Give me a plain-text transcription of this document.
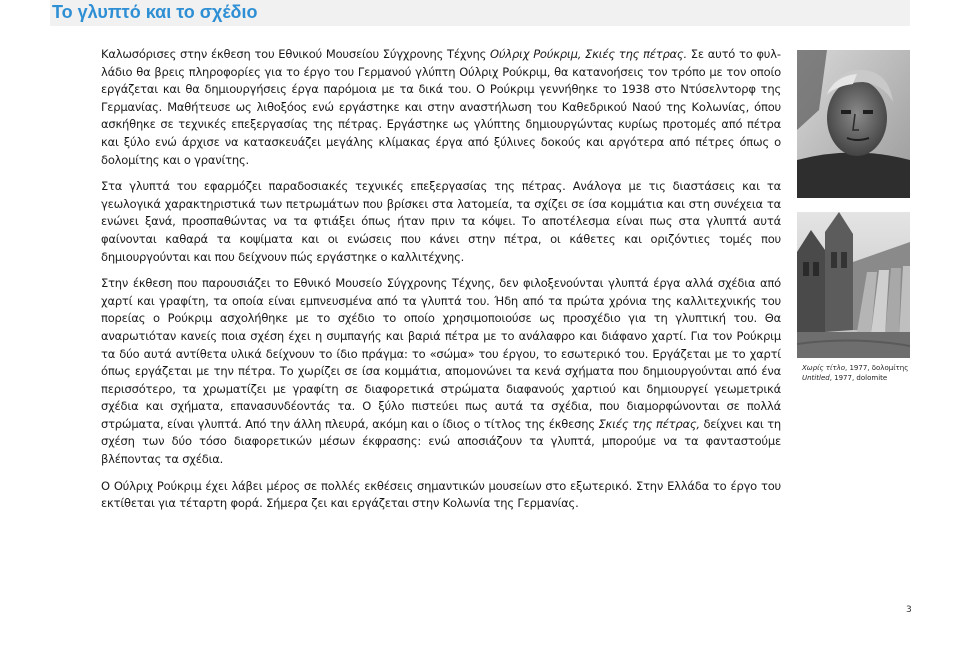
Το γλυπτό και το σχέδιο

Καλωσόρισες στην έκθεση του Εθνικού Μουσείου Σύγχρονης Τέχνης Ούλριχ Ρούκριμ, Σκιές της πέτρας. Σε αυτό το φυλλάδιο θα βρεις πληροφορίες για το έργο του Γερμανού γλύπτη Ούλριχ Ρούκριμ, θα κατανοήσεις τον τρόπο με τον οποίο εργάζεται και θα δημιουργήσεις έργα παρόμοια με τα δικά του. Ο Ρούκριμ γεννήθηκε το 1938 στο Ντύσελντορφ της Γερμανίας. Μαθήτευσε ως λιθοξόος ενώ εργάστηκε και στην αναστήλωση του Καθεδρικού Ναού της Κολωνίας, όπου ασκήθηκε σε τεχνικές επεξεργασίας της πέτρας. Εργάστηκε ως γλύπτης δημιουργώντας κυρίως προτομές από πέτρα και ξύλο ενώ άρχισε να κατασκευάζει μεγάλης κλίμακας έργα από ξύλινες δοκούς και αργότερα από πέτρες όπως ο δολομίτης και ο γρανίτης.

Στα γλυπτά του εφαρμόζει παραδοσιακές τεχνικές επεξεργασίας της πέτρας. Ανάλογα με τις διαστάσεις και τα γεωλογικά χαρακτηριστικά των πετρωμάτων που βρίσκει στα λατομεία, τα σχίζει σε ίσα κομμάτια και στη συνέχεια τα ενώνει ξανά, προσπαθώντας να τα φτιάξει όπως ήταν πριν τα κόψει. Το αποτέλεσμα είναι πως στα γλυπτά αυτά φαίνονται καθαρά τα κοψίματα και οι ενώσεις που κάνει στην πέτρα, οι κάθετες και οριζόντιες τομές που δημιουργούνται και που δείχνουν πώς εργάστηκε ο καλλιτέχνης.

Στην έκθεση που παρουσιάζει το Εθνικό Μουσείο Σύγχρονης Τέχνης, δεν φιλοξενούνται γλυπτά έργα αλλά σχέδια από χαρτί και γραφίτη, τα οποία είναι εμπνευσμένα από τα γλυπτά του. Ήδη από τα πρώτα χρόνια της καλλιτεχνικής του πορείας ο Ρούκριμ ασχολήθηκε με το σχέδιο το οποίο χρησιμοποιούσε ως προσχέδιο για τη γλυπτική του. Θα αναρωτιόταν κανείς ποια σχέση έχει η συμπαγής και βαριά πέτρα με το ανάλαφρο και διάφανο χαρτί. Για τον Ρούκριμ τα δύο αυτά αντίθετα υλικά δείχνουν το ίδιο πράγμα: το «σώμα» του έργου, το εσωτερικό του. Εργάζεται με το χαρτί όπως εργάζεται με την πέτρα. Το χωρίζει σε ίσα κομμάτια, απομονώνει τα κενά σχήματα που δημιουργούνται από ένα περισσότερο, τα χρωματίζει με γραφίτη σε διαφορετικά στρώματα διαφανούς χαρτιού και δημιουργεί γεωμετρικά σχέδια και σχήματα, επανασυνδέοντάς τα. Ο ξύλο πιστεύει πως αυτά τα σχέδια, που διαμορφώνονται σε πολλά στρώματα, είναι γλυπτά. Από την άλλη πλευρά, ακόμη και ο ίδιος ο τίτλος της έκθεσης Σκιές της πέτρας, δείχνει και τη σχέση των δύο τόσο διαφορετικών μέσων έκφρασης: ενώ αποσιάζουν τα γλυπτά, μπορούμε να τα φανταστούμε βλέποντας τα σχέδια.

Ο Ούλριχ Ρούκριμ έχει λάβει μέρος σε πολλές εκθέσεις σημαντικών μουσείων στο εξωτερικό. Στην Ελλάδα το έργο του εκτίθεται για τέταρτη φορά. Σήμερα ζει και εργάζεται στην Κολωνία της Γερμανίας.

Χωρίς τίτλο, 1977, δολομίτης
Untitled, 1977, dolomite
3
